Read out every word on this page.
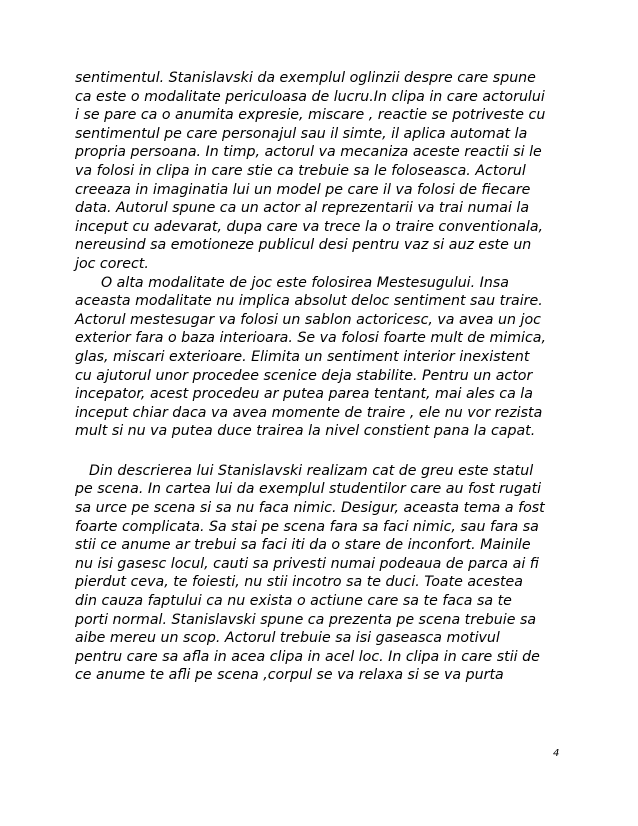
sentimentul. Stanislavski da exemplul oglinzii despre care spune
ca este o modalitate periculoasa de lucru.In clipa in care actorului
i se pare ca o anumita expresie, miscare , reactie se potriveste cu
sentimentul pe care personajul sau il simte, il aplica automat la
propria persoana. In timp, actorul va mecaniza aceste reactii si le
va folosi in clipa in care stie ca trebuie sa le foloseasca. Actorul
creeaza in imaginatia lui un model pe care il va folosi de fiecare
data. Autorul spune ca un actor al reprezentarii va trai numai la
inceput cu adevarat, dupa care va trece la o traire conventionala,
nereusind sa emotioneze publicul desi pentru vaz si auz este un
joc corect.
O alta modalitate de joc este folosirea Mestesugului. Insa
aceasta modalitate nu implica absolut deloc sentiment sau traire.
Actorul mestesugar va folosi un sablon actoricesc, va avea un joc
exterior fara o baza interioara. Se va folosi foarte mult de mimica,
glas, miscari exterioare. Elimita un sentiment interior inexistent
cu ajutorul unor procedee scenice deja stabilite. Pentru un actor
incepator, acest procedeu ar putea parea tentant, mai ales ca la
inceput chiar daca va avea momente de traire , ele nu vor rezista
mult si nu va putea duce trairea la nivel constient pana la capat.
Din descrierea lui Stanislavski realizam cat de greu este statul
pe scena. In cartea lui da exemplul studentilor care au fost rugati
sa urce pe scena si sa nu faca nimic. Desigur, aceasta tema a fost
foarte complicata. Sa stai pe scena fara sa faci nimic, sau fara sa
stii ce anume ar trebui sa faci iti da o stare de inconfort. Mainile
nu isi gasesc locul, cauti sa privesti numai podeaua de parca ai fi
pierdut ceva, te foiesti, nu stii incotro sa te duci. Toate acestea
din cauza faptului ca nu exista o actiune care sa te faca sa te
porti normal. Stanislavski spune ca prezenta pe scena trebuie sa
aibe mereu un scop. Actorul trebuie sa isi gaseasca motivul
pentru care sa afla in acea clipa in acel loc. In clipa in care stii de
ce anume te afli pe scena ,corpul se va relaxa si se va purta
4
